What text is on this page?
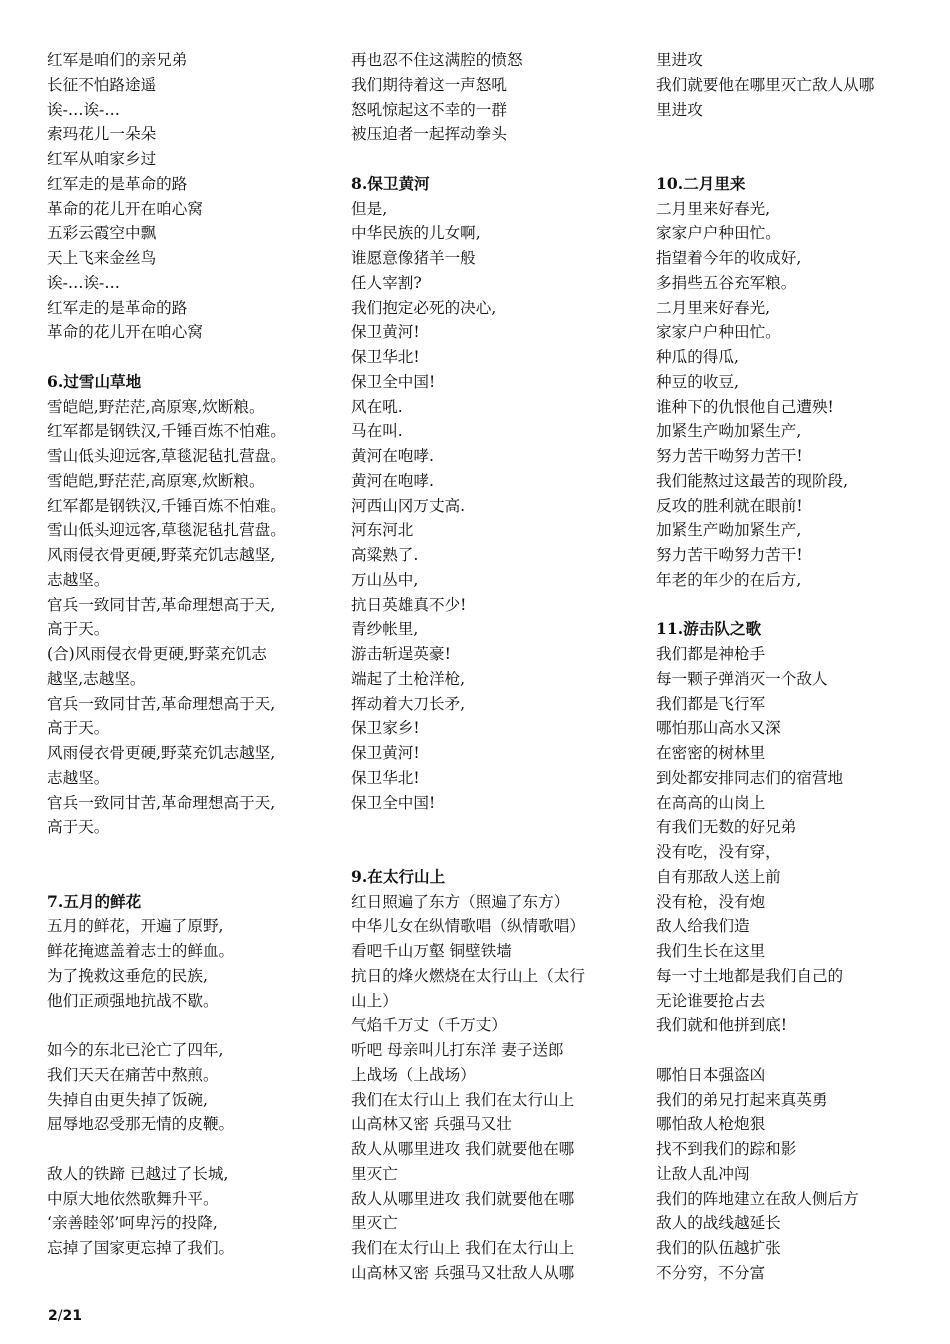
红军是咱们的亲兄弟
长征不怕路途遥
诶-…诶-…
索玛花儿一朵朵
红军从咱家乡过
红军走的是革命的路
革命的花儿开在咱心窝
五彩云霞空中飘
天上飞来金丝鸟
诶-…诶-…
红军走的是革命的路
革命的花儿开在咱心窝
6.过雪山草地
雪皑皑,野茫茫,高原寒,炊断粮。
红军都是钢铁汉,千锤百炼不怕难。
雪山低头迎远客,草毯泥毡扎营盘。
雪皑皑,野茫茫,高原寒,炊断粮。
红军都是钢铁汉,千锤百炼不怕难。
雪山低头迎远客,草毯泥毡扎营盘。
风雨侵衣骨更硬,野菜充饥志越坚,
志越坚。
官兵一致同甘苦,革命理想高于天,
高于天。
(合)风雨侵衣骨更硬,野菜充饥志
越坚,志越坚。
官兵一致同甘苦,革命理想高于天,
高于天。
风雨侵衣骨更硬,野菜充饥志越坚,
志越坚。
官兵一致同甘苦,革命理想高于天,
高于天。
7.五月的鲜花
五月的鲜花，开遍了原野,
鲜花掩遮盖着志士的鲜血。
为了挽救这垂危的民族,
他们正顽强地抗战不歇。
如今的东北已沦亡了四年,
我们天天在痛苦中熬煎。
失掉自由更失掉了饭碗,
屈辱地忍受那无情的皮鞭。
敌人的铁蹄 已越过了长城,
中原大地依然歌舞升平。
‘亲善睦邻’呵卑污的投降,
忘掉了国家更忘掉了我们。
再也忍不住这满腔的愤怒
我们期待着这一声怒吼
怒吼惊起这不幸的一群
被压迫者一起挥动拳头
8.保卫黄河
但是,
中华民族的儿女啊,
谁愿意像猪羊一般
任人宰割?
我们抱定必死的决心,
保卫黄河!
保卫华北!
保卫全中国!
风在吼.
马在叫.
黄河在咆哮.
黄河在咆哮.
河西山冈万丈高.
河东河北
高粱熟了.
万山丛中,
抗日英雄真不少!
青纱帐里,
游击斩逞英豪!
端起了土枪洋枪,
挥动着大刀长矛,
保卫家乡!
保卫黄河!
保卫华北!
保卫全中国!
9.在太行山上
红日照遍了东方（照遍了东方）
中华儿女在纵情歌唱（纵情歌唱）
看吧千山万壑 铜壁铁墙
抗日的烽火燃烧在太行山上（太行
山上）
气焰千万丈（千万丈）
听吧 母亲叫儿打东洋 妻子送郎
上战场（上战场）
我们在太行山上 我们在太行山上
山高林又密 兵强马又壮
敌人从哪里进攻 我们就要他在哪
里灭亡
敌人从哪里进攻 我们就要他在哪
里灭亡
我们在太行山上 我们在太行山上
山高林又密 兵强马又壮敌人从哪
里进攻
我们就要他在哪里灭亡敌人从哪
里进攻
10.二月里来
二月里来好春光,
家家户户种田忙。
指望着今年的收成好,
多捐些五谷充军粮。
二月里来好春光,
家家户户种田忙。
种瓜的得瓜,
种豆的收豆,
谁种下的仇恨他自己遭殃!
加紧生产呦加紧生产,
努力苦干呦努力苦干!
我们能熬过这最苦的现阶段,
反攻的胜利就在眼前!
加紧生产呦加紧生产,
努力苦干呦努力苦干!
年老的年少的在后方,
11.游击队之歌
我们都是神枪手
每一颗子弹消灭一个敌人
我们都是飞行军
哪怕那山高水又深
在密密的树林里
到处都安排同志们的宿营地
在高高的山岗上
有我们无数的好兄弟
没有吃，没有穿，
自有那敌人送上前
没有枪，没有炮
敌人给我们造
我们生长在这里
每一寸土地都是我们自己的
无论谁要抢占去
我们就和他拼到底!
哪怕日本强盗凶
我们的弟兄打起来真英勇
哪怕敌人枪炮狠
找不到我们的踪和影
让敌人乱冲闯
我们的阵地建立在敌人侧后方
敌人的战线越延长
我们的队伍越扩张
不分穷，不分富
2/21
